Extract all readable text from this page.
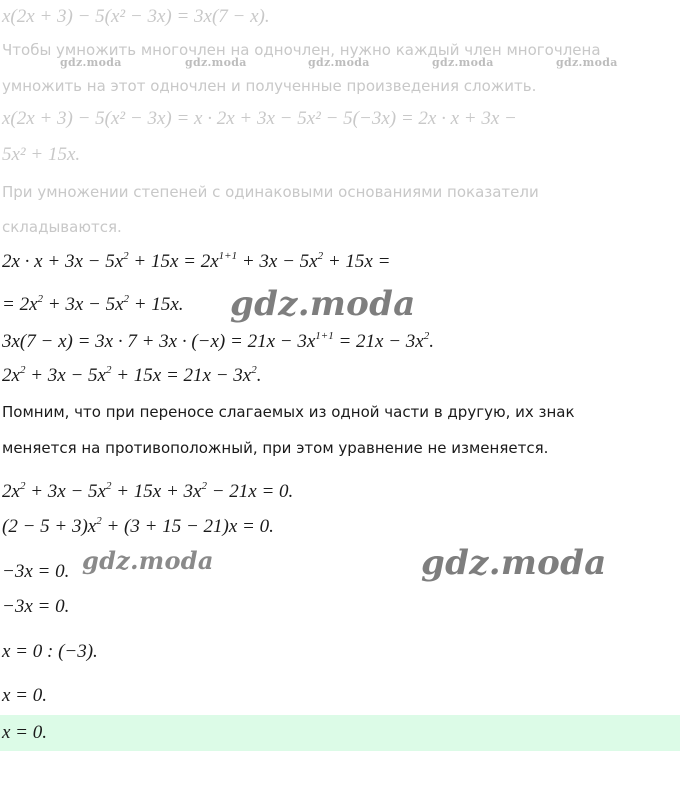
x(2x + 3) − 5(x² − 3x) = 3x(7 − x).
Чтобы умножить многочлен на одночлен, нужно каждый член многочлена
умножить на этот одночлен и полученные произведения сложить.
x(2x + 3) − 5(x² − 3x) = x · 2x + 3x − 5x² − 5(−3x) = 2x · x + 3x −
5x² + 15x.
При умножении степеней с одинаковыми основаниями показатели
складываются.
gdz.moda	gdz.moda	gdz.moda	gdz.moda	gdz.moda
$2x \cdot x + 3x - 5x^2 + 15x = 2x^{1+1} + 3x - 5x^2 + 15x$ =
= $2x^2 + 3x - 5x^2 + 15x$.
$3x(7 - x) = 3x \cdot 7 + 3x \cdot (-x) = 21x - 3x^{1+1} = 21x - 3x^2$.
$2x^2 + 3x - 5x^2 + 15x = 21x - 3x^2$.
Помним, что при переносе слагаемых из одной части в другую, их знак
меняется на противоположный, при этом уравнение не изменяется.
$2x^2 + 3x - 5x^2 + 15x + 3x^2 - 21x = 0$.
$(2 - 5 + 3)x^2 + (3 + 15 - 21)x = 0$.
−3x = 0.
−3x = 0.
x = 0 : (−3).
x = 0.
x = 0.
gdz.moda
gdz.moda	gdz.moda
